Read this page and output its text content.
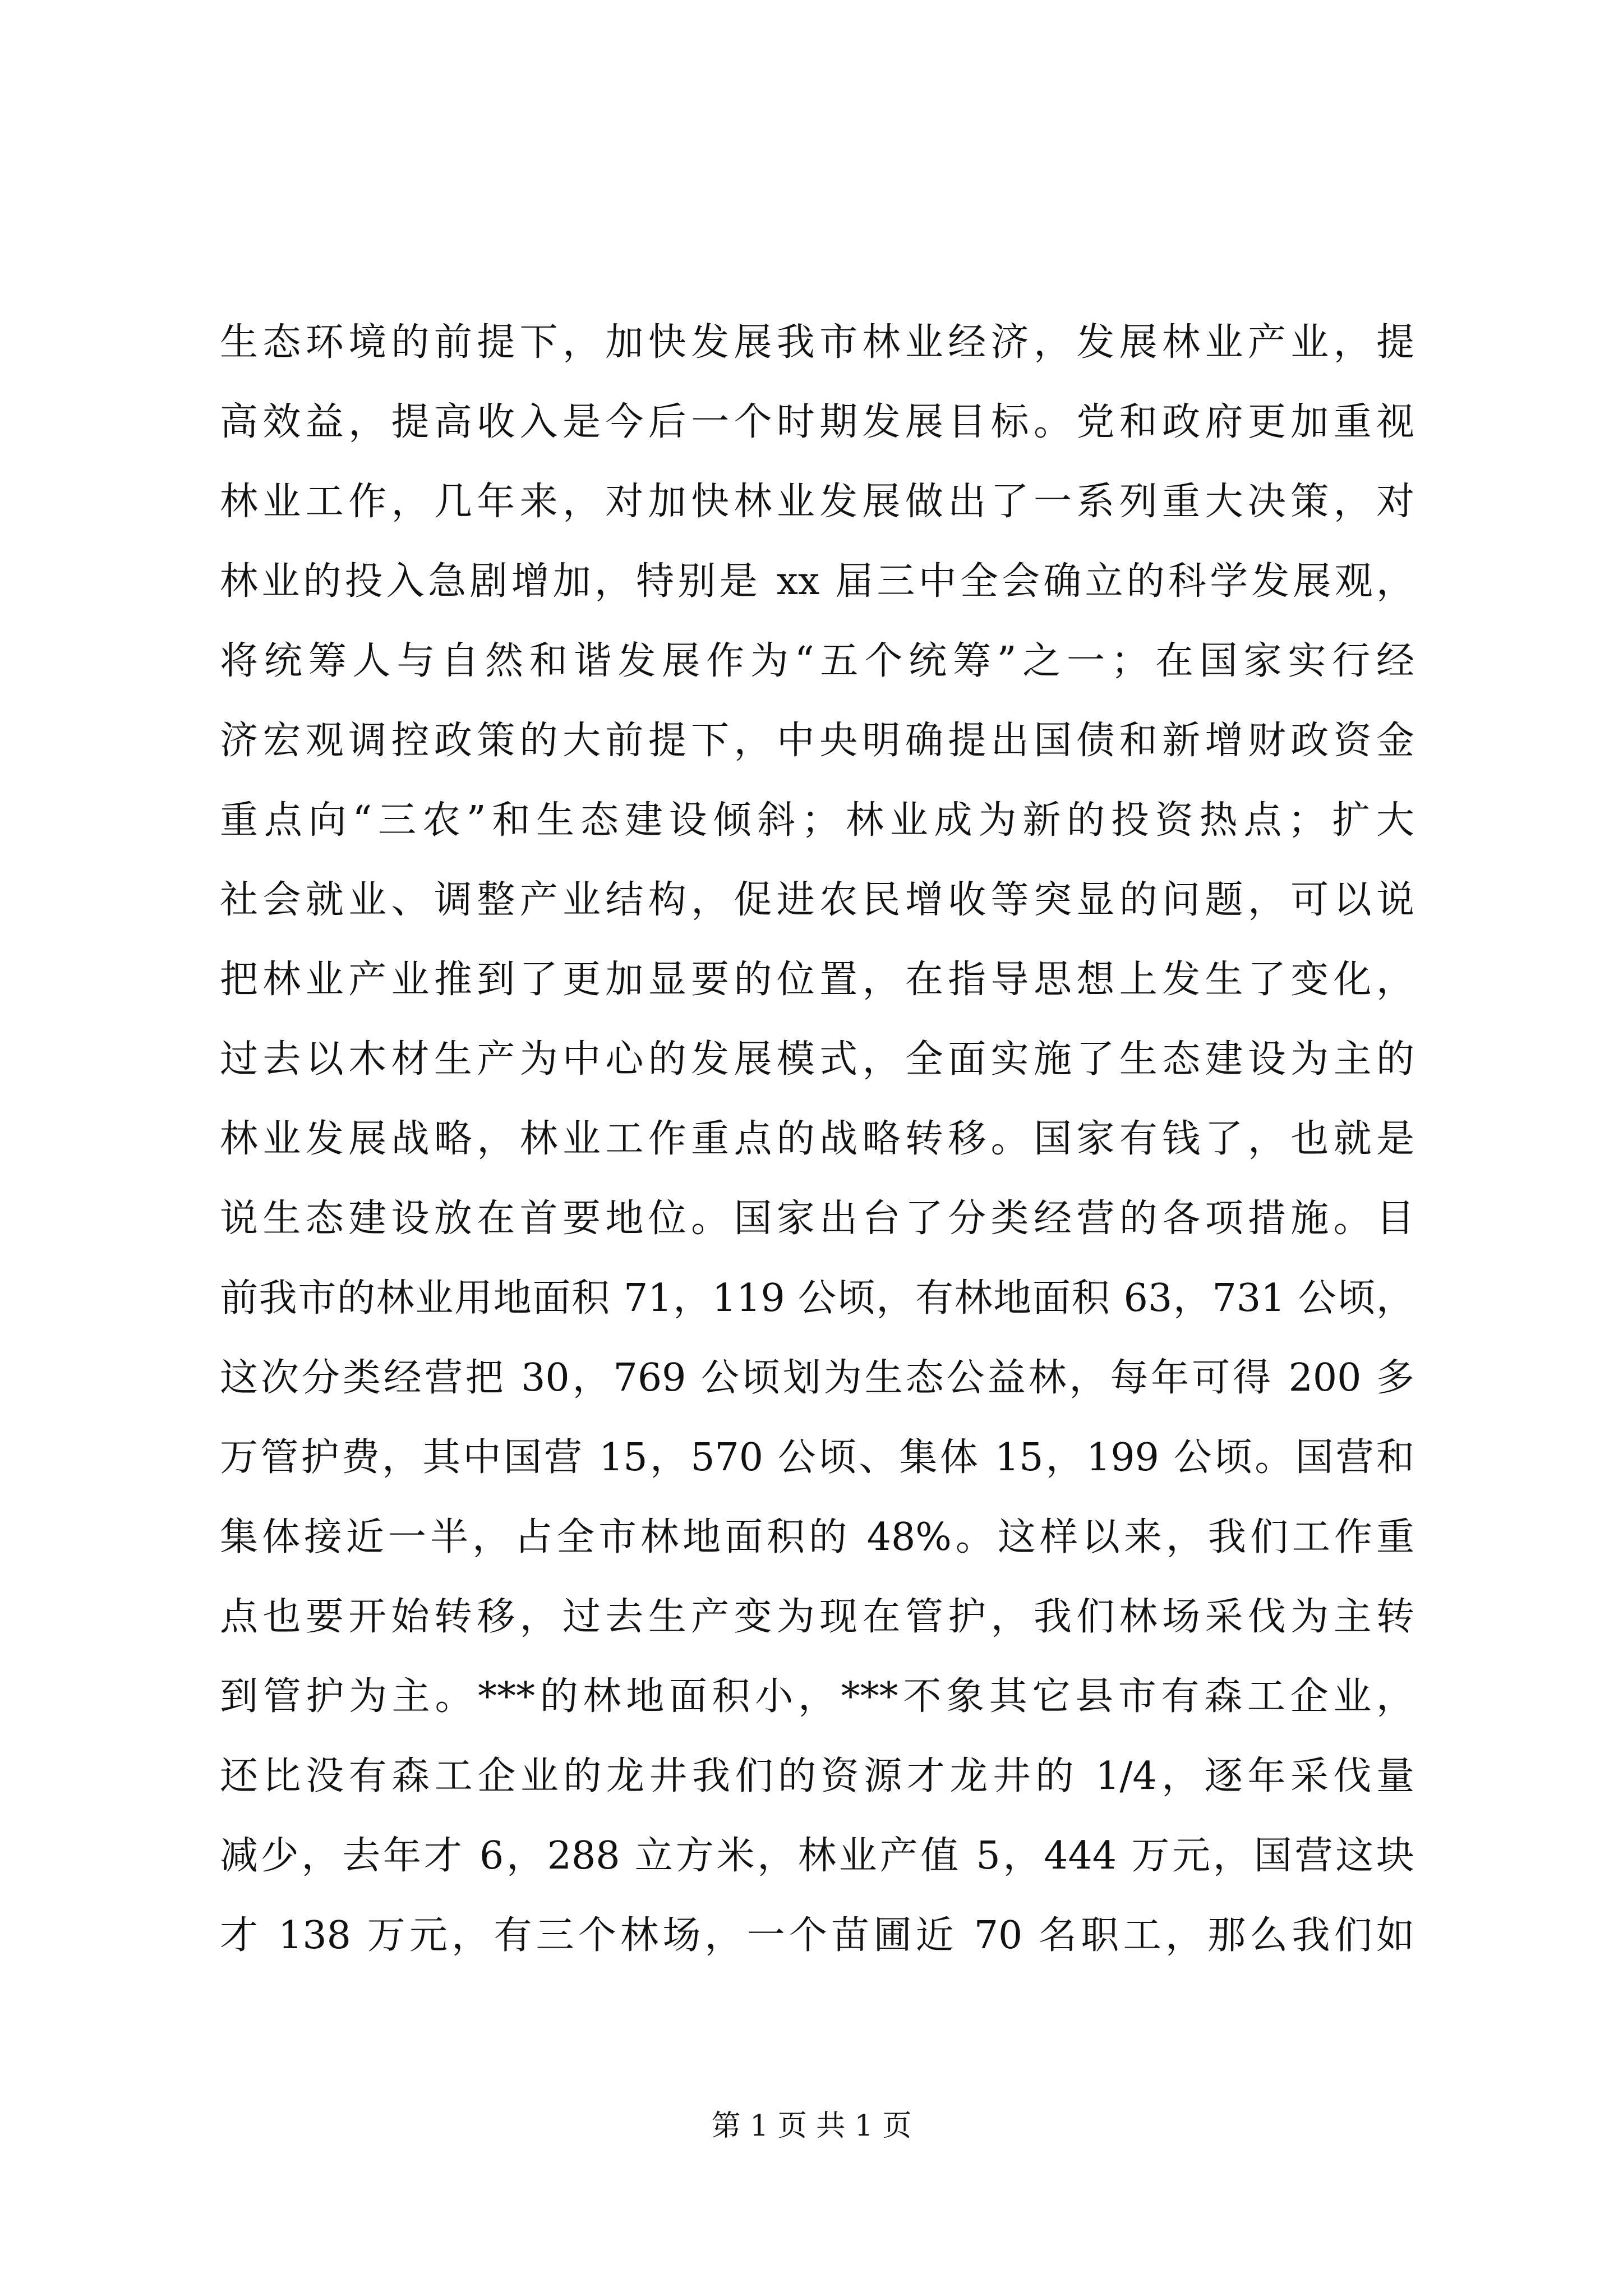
生态环境的前提下，加快发展我市林业经济，发展林业产业，提
高效益，提高收入是今后一个时期发展目标。党和政府更加重视
林业工作，几年来，对加快林业发展做出了一系列重大决策，对
林业的投入急剧增加，特别是 xx 届三中全会确立的科学发展观，
将统筹人与自然和谐发展作为“五个统筹”之一；在国家实行经
济宏观调控政策的大前提下，中央明确提出国债和新增财政资金
重点向“三农”和生态建设倾斜；林业成为新的投资热点；扩大
社会就业、调整产业结构，促进农民增收等突显的问题，可以说
把林业产业推到了更加显要的位置，在指导思想上发生了变化，
过去以木材生产为中心的发展模式，全面实施了生态建设为主的
林业发展战略，林业工作重点的战略转移。国家有钱了，也就是
说生态建设放在首要地位。国家出台了分类经营的各项措施。目
前我市的林业用地面积 71，119 公顷，有林地面积 63，731 公顷，
这次分类经营把 30，769 公顷划为生态公益林，每年可得 200 多
万管护费，其中国营 15，570 公顷、集体 15，199 公顷。国营和
集体接近一半，占全市林地面积的 48%。这样以来，我们工作重
点也要开始转移，过去生产变为现在管护，我们林场采伐为主转
到管护为主。***的林地面积小，***不象其它县市有森工企业，
还比没有森工企业的龙井我们的资源才龙井的 1/4，逐年采伐量
减少，去年才 6，288 立方米，林业产值 5，444 万元，国营这块
才 138 万元，有三个林场，一个苗圃近 70 名职工，那么我们如
第 1 页 共 1 页
